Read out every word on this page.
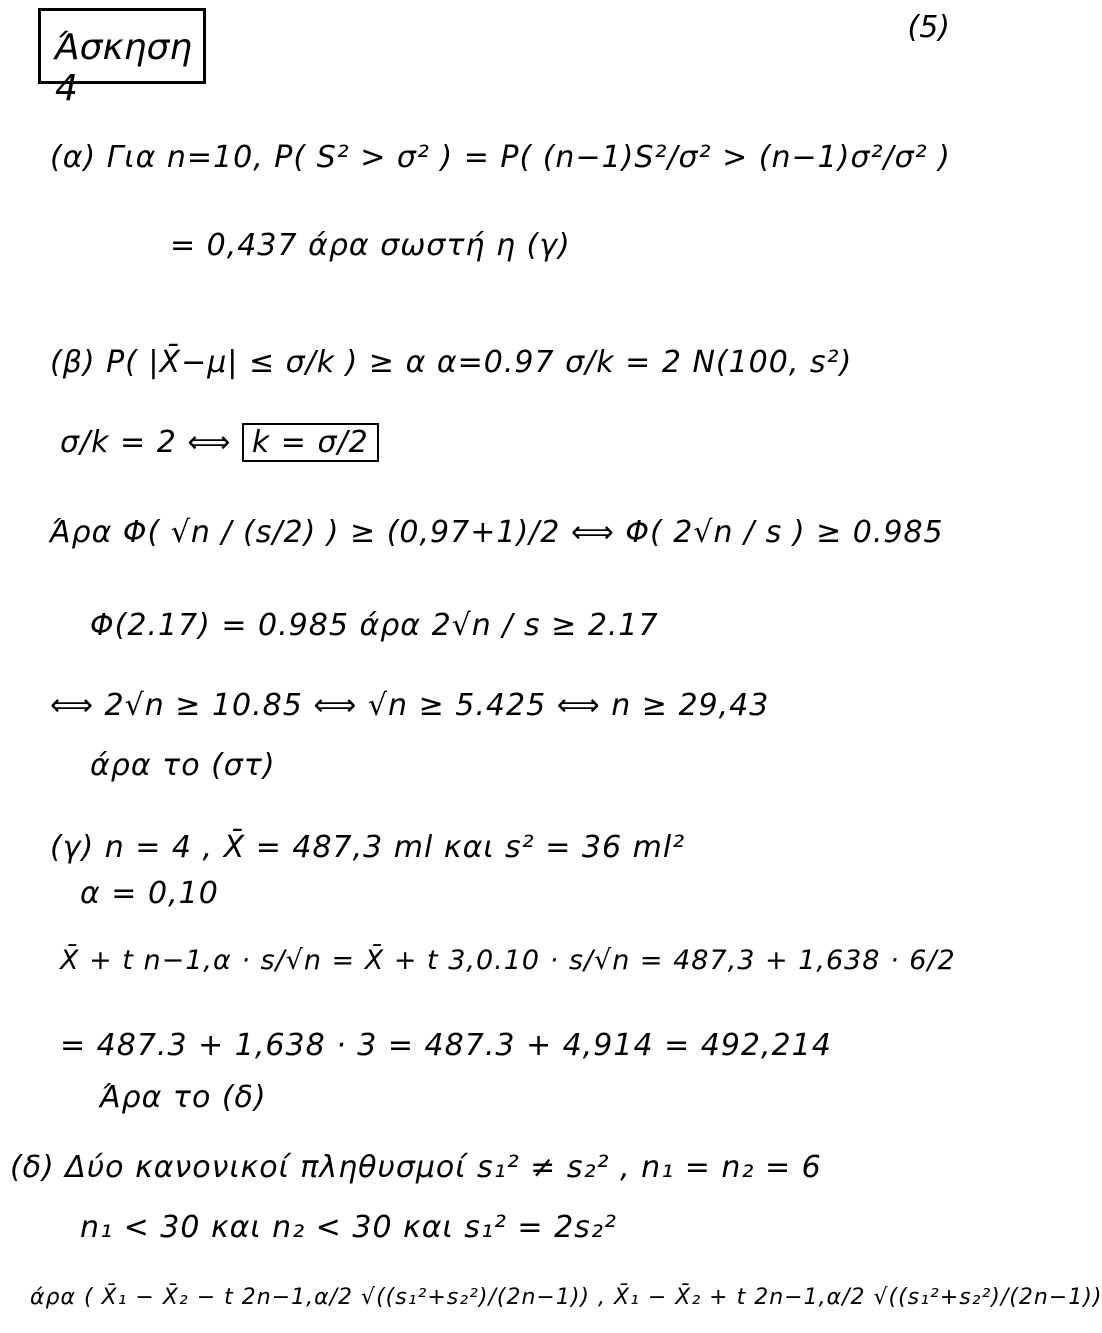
Άσκηση 4
(5)
(α) Για n=10, P( S² > σ² ) = P( (n−1)S²/σ² > (n−1)σ²/σ² )
= 0,437 άρα σωστή η (γ)
(β) P( |X̄−μ| ≤ σ/k ) ≥ α α=0.97 σ/k = 2 N(100, s²)
σ/k = 2 ⟺ k = σ/2
Άρα Φ( √n / (s/2) ) ≥ (0,97+1)/2 ⟺ Φ( 2√n / s ) ≥ 0.985
Φ(2.17) = 0.985 άρα 2√n / s ≥ 2.17
⟺ 2√n ≥ 10.85 ⟺ √n ≥ 5.425 ⟺ n ≥ 29,43
άρα το (στ)
(γ) n = 4 , X̄ = 487,3 ml και s² = 36 ml²
α = 0,10
X̄ + t n−1,α · s/√n = X̄ + t 3,0.10 · s/√n = 487,3 + 1,638 · 6/2
= 487.3 + 1,638 · 3 = 487.3 + 4,914 = 492,214
Άρα το (δ)
(δ) Δύο κανονικοί πληθυσμοί s₁² ≠ s₂² , n₁ = n₂ = 6
n₁ < 30 και n₂ < 30 και s₁² = 2s₂²
άρα ( X̄₁ − X̄₂ − t 2n−1,α/2 √((s₁²+s₂²)/(2n−1)) , X̄₁ − X̄₂ + t 2n−1,α/2 √((s₁²+s₂²)/(2n−1))
